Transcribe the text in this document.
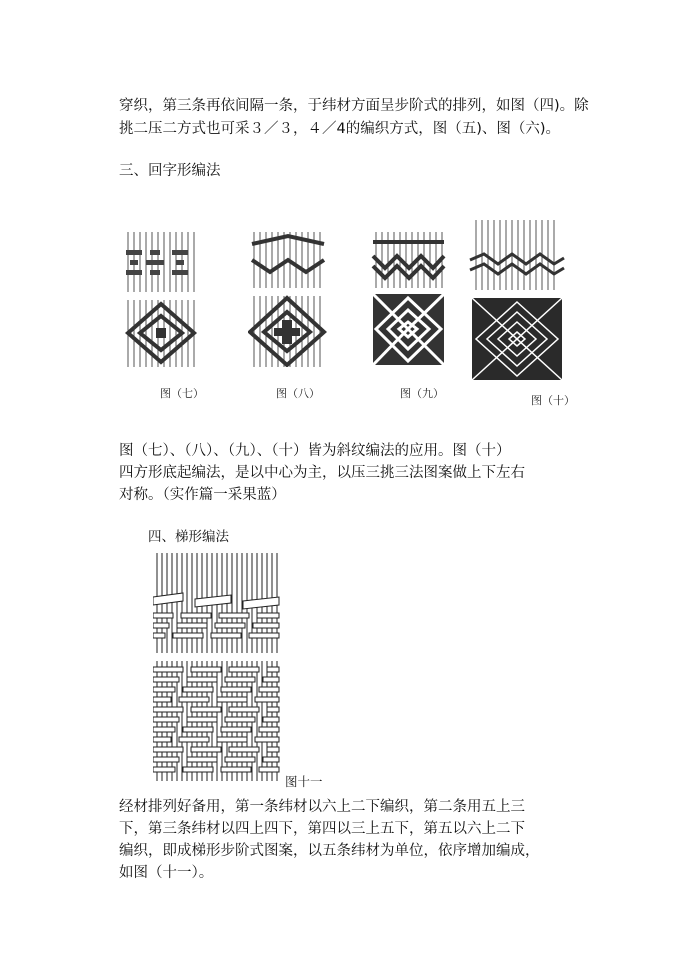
穿织，第三条再依间隔一条，于纬材方面呈步阶式的排列，如图（四)。除
挑二压二方式也可采３／３，４／4的编织方式，图（五)、图（六)。
三、回字形编法
图（七）	图（八）	图（九）
图（十）
图（七）、（八）、（九）、（十）皆为斜纹编法的应用。图（十）
四方形底起编法，是以中心为主，以压三挑三法图案做上下左右
对称。（实作篇一采果蓝）
四、梯形编法
图十一
经材排列好备用，第一条纬材以六上二下编织，第二条用五上三
下，第三条纬材以四上四下，第四以三上五下，第五以六上二下
编织，即成梯形步阶式图案，以五条纬材为单位，依序增加编成，
如图（十一）。
